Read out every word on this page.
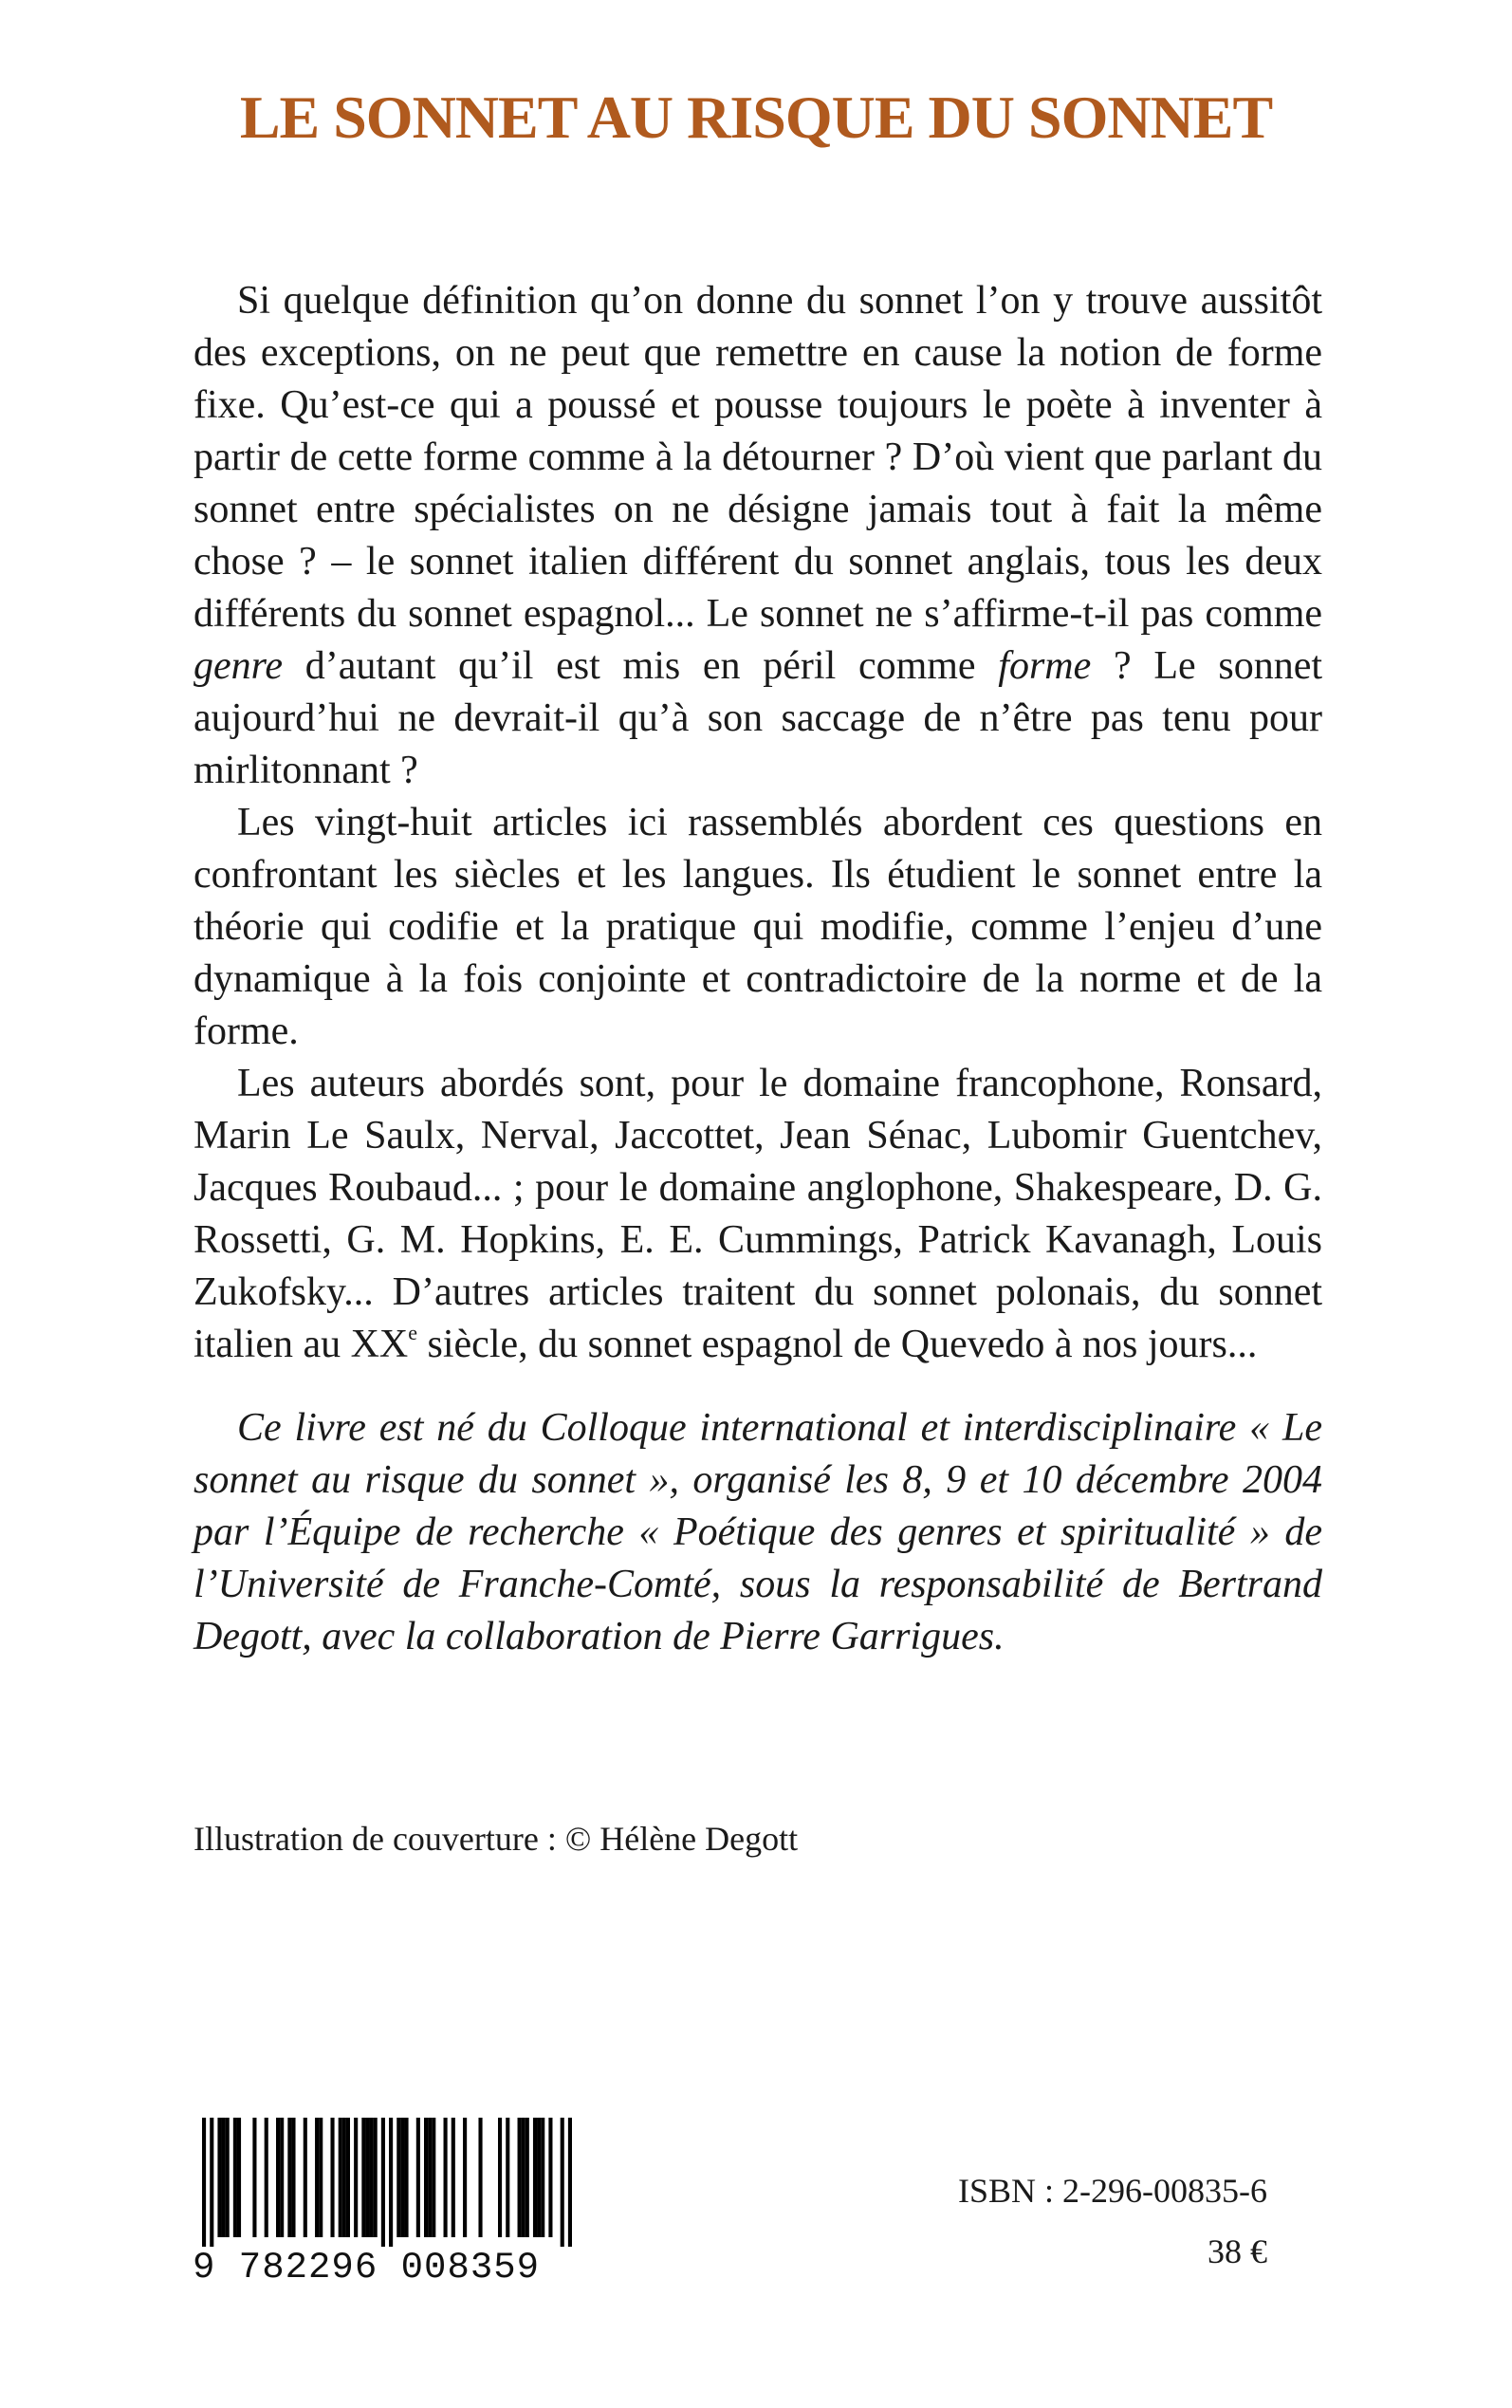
LE SONNET AU RISQUE DU SONNET

Si quelque définition qu’on donne du sonnet l’on y trouve aussitôt des exceptions, on ne peut que remettre en cause la notion de forme fixe. Qu’est-ce qui a poussé et pousse toujours le poète à inventer à partir de cette forme comme à la détourner ? D’où vient que parlant du sonnet entre spécialistes on ne désigne jamais tout à fait la même chose ? – le sonnet italien différent du sonnet anglais, tous les deux différents du sonnet espagnol... Le sonnet ne s’affirme-t-il pas comme genre d’autant qu’il est mis en péril comme forme ? Le sonnet aujourd’hui ne devrait-il qu’à son saccage de n’être pas tenu pour mirlitonnant ?

Les vingt-huit articles ici rassemblés abordent ces questions en confrontant les siècles et les langues. Ils étudient le sonnet entre la théorie qui codifie et la pratique qui modifie, comme l’enjeu d’une dynamique à la fois conjointe et contradictoire de la norme et de la forme.

Les auteurs abordés sont, pour le domaine francophone, Ronsard, Marin Le Saulx, Nerval, Jaccottet, Jean Sénac, Lubomir Guentchev, Jacques Roubaud... ; pour le domaine anglophone, Shakespeare, D. G. Rossetti, G. M. Hopkins, E. E. Cummings, Patrick Kavanagh, Louis Zukofsky... D’autres articles traitent du sonnet polonais, du sonnet italien au XXe siècle, du sonnet espagnol de Quevedo à nos jours...

Ce livre est né du Colloque international et interdisciplinaire « Le sonnet au risque du sonnet », organisé les 8, 9 et 10 décembre 2004 par l’Équipe de recherche « Poétique des genres et spiritualité » de l’Université de Franche-Comté, sous la responsabilité de Bertrand Degott, avec la collaboration de Pierre Garrigues.

Illustration de couverture : © Hélène Degott

9 782296 008359

ISBN : 2-296-00835-6

38 €
